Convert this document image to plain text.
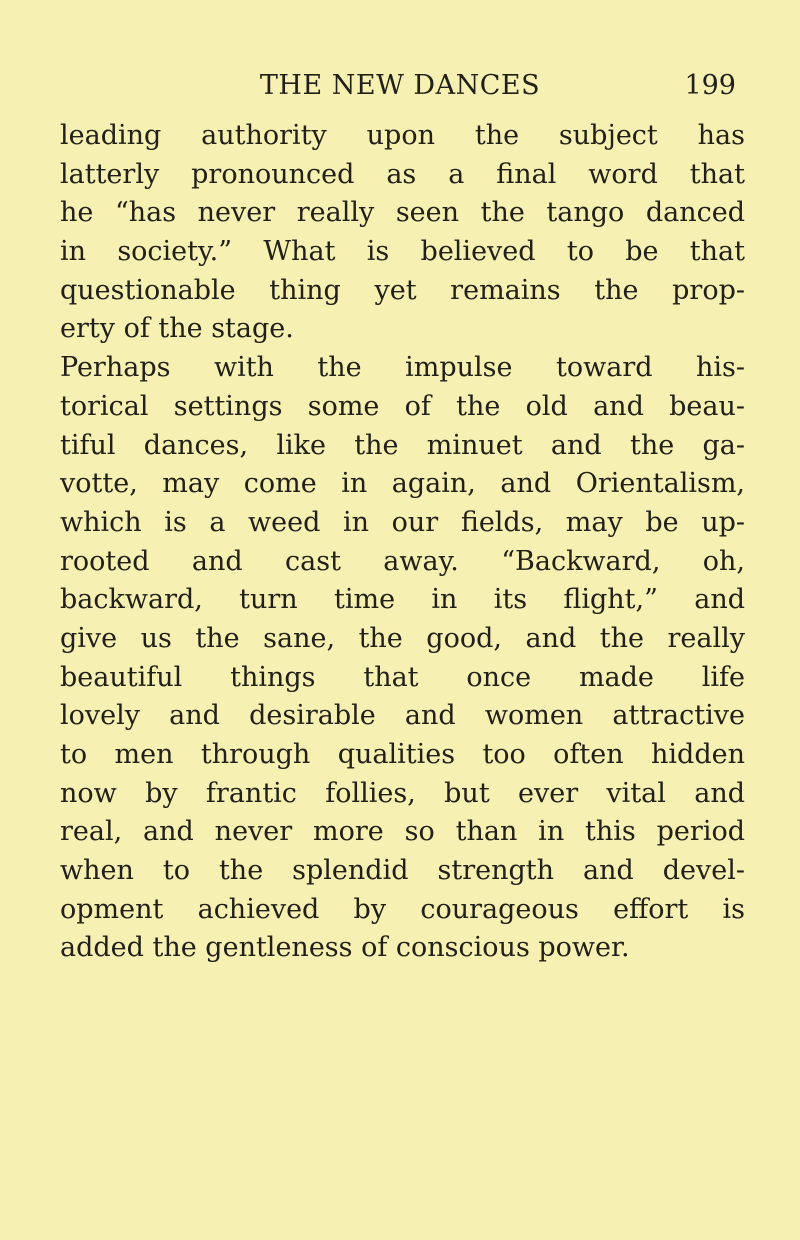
THE NEW DANCES	199
leading authority upon the subject has
latterly pronounced as a final word that
he “has never really seen the tango danced
in society.” What is believed to be that
questionable thing yet remains the prop-
erty of the stage.
Perhaps with the impulse toward his-
torical settings some of the old and beau-
tiful dances, like the minuet and the ga-
votte, may come in again, and Orientalism,
which is a weed in our fields, may be up-
rooted and cast away. “Backward, oh,
backward, turn time in its flight,” and
give us the sane, the good, and the really
beautiful things that once made life
lovely and desirable and women attractive
to men through qualities too often hidden
now by frantic follies, but ever vital and
real, and never more so than in this period
when to the splendid strength and devel-
opment achieved by courageous effort is
added the gentleness of conscious power.
